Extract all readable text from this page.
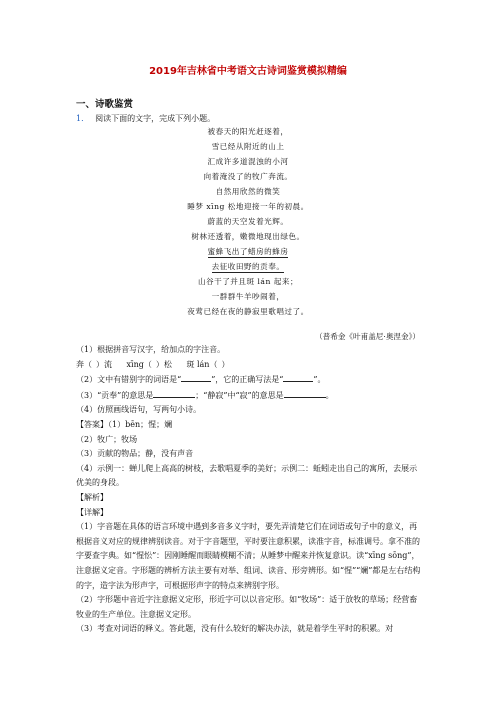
2019年吉林省中考语文古诗词鉴赏模拟精编
一、诗歌鉴赏
1． 阅读下面的文字，完成下列小题。
被春天的阳光赶逐着，
雪已经从附近的山上
汇成许多道混浊的小河
向着淹没了的牧广奔流。
自然用欣然的微笑
睡梦 xīng 松地迎接一年的初晨。
蔚蓝的天空发着光辉。
树林还透着，嫩微地现出绿色。
蜜蜂飞出了蜡房的蜂房
去征收田野的贡奉。
山谷干了并且斑 lán 起来；
一群群牛羊吵闹着，
夜莺已经在夜的静寂里歌唱过了。
（普希金《叶甫盖尼·奥涅金》）
（1）根据拼音写汉字，给加点的字注音。
奔（ ）流 xīng（ ）松 斑 lán（ ）
（2）文中有错别字的词语是“	”，它的正确写法是“	”。
（3）“贡奉”的意思是	；“静寂”中“寂”的意思是	。
（4）仿照画线语句，写两句小诗。
【答案】（1）bēn；惺；斓
（2）牧广；牧场
（3）贡献的物品；静，没有声音
（4）示例一：蝉儿爬上高高的树枝，去歌唱夏季的美好；示例二：蚯蚓走出自己的寓所，去展示优美的身段。
【解析】
【详解】
（1）字音题在具体的语言环境中遇到多音多义字时，要先弄清楚它们在词语或句子中的意义，再根据音义对应的规律辨别读音。对于字音题型，平时要注意积累，读准字音，标准调号。拿不准的字要查字典。如“惺忪”：因刚睡醒而眼睛模糊不清；从睡梦中醒来并恢复意识。读“xīng sōng”，注意据义定音。字形题的辨析方法主要有对举、组词、读音、形旁辨形。如“惺”“斓”都是左右结构的字，造字法为形声字，可根据形声字的特点来辨别字形。
（2）字形题中音近字注意据义定形，形近字可以以音定形。如“牧场”：适于放牧的草场；经营畜牧业的生产单位。注意据义定形。
（3）考查对词语的释义。答此题，没有什么较好的解决办法，就是着学生平时的积累。对
